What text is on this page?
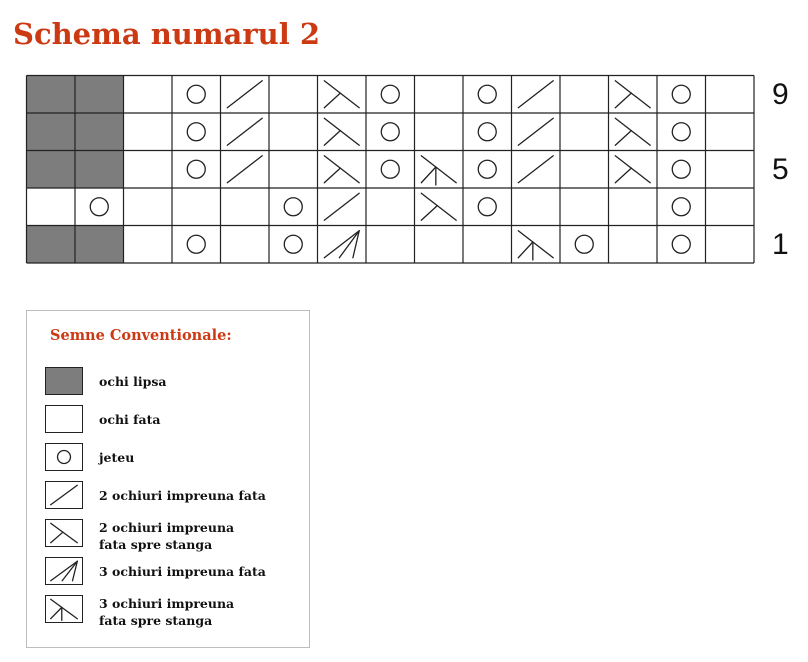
Schema numarul 2
9
5
1
Semne Conventionale:
ochi lipsa
ochi fata
jeteu
2 ochiuri impreuna fata
2 ochiuri impreuna
fata spre stanga
3 ochiuri impreuna fata
3 ochiuri impreuna
fata spre stanga
